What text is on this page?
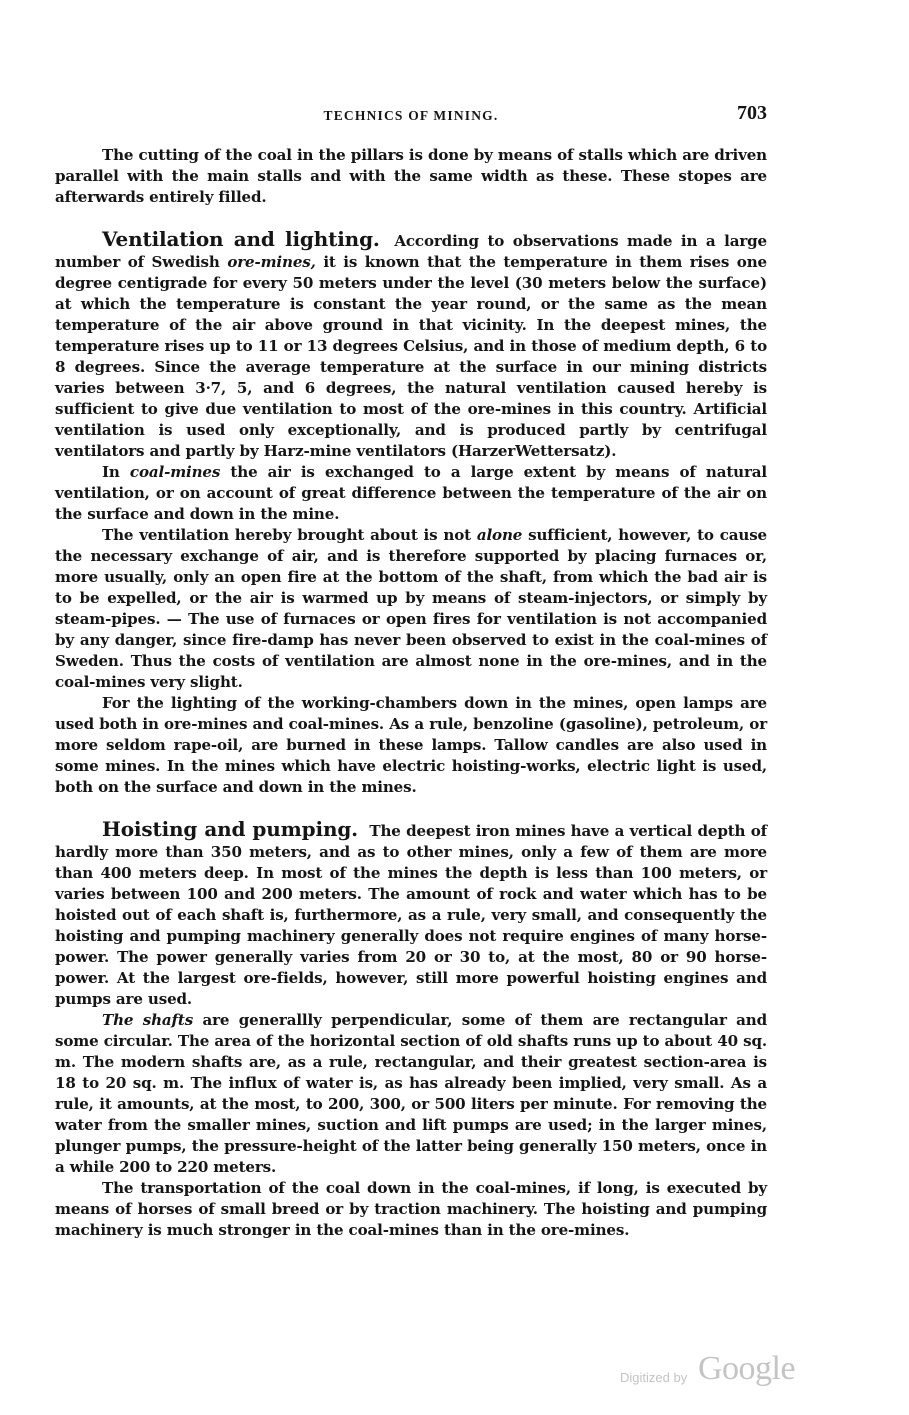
TECHNICS OF MINING.	703

The cutting of the coal in the pillars is done by means of stalls which are driven parallel with the main stalls and with the same width as these. These stopes are afterwards entirely filled.

Ventilation and lighting. According to observations made in a large number of Swedish ore-mines, it is known that the temperature in them rises one degree centigrade for every 50 meters under the level (30 meters below the surface) at which the temperature is constant the year round, or the same as the mean temperature of the air above ground in that vicinity. In the deepest mines, the temperature rises up to 11 or 13 degrees Celsius, and in those of medium depth, 6 to 8 degrees. Since the average temperature at the surface in our mining districts varies between 3·7, 5, and 6 degrees, the natural ventilation caused hereby is sufficient to give due ventilation to most of the ore-mines in this country. Artificial ventilation is used only exceptionally, and is produced partly by centrifugal ventilators and partly by Harz-mine ventilators (HarzerWettersatz).

In coal-mines the air is exchanged to a large extent by means of natural ventilation, or on account of great difference between the temperature of the air on the surface and down in the mine.

The ventilation hereby brought about is not alone sufficient, however, to cause the necessary exchange of air, and is therefore supported by placing furnaces or, more usually, only an open fire at the bottom of the shaft, from which the bad air is to be expelled, or the air is warmed up by means of steam-injectors, or simply by steam-pipes. — The use of furnaces or open fires for ventilation is not accompanied by any danger, since fire-damp has never been observed to exist in the coal-mines of Sweden. Thus the costs of ventilation are almost none in the ore-mines, and in the coal-mines very slight.

For the lighting of the working-chambers down in the mines, open lamps are used both in ore-mines and coal-mines. As a rule, benzoline (gasoline), petroleum, or more seldom rape-oil, are burned in these lamps. Tallow candles are also used in some mines. In the mines which have electric hoisting-works, electric light is used, both on the surface and down in the mines.

Hoisting and pumping. The deepest iron mines have a vertical depth of hardly more than 350 meters, and as to other mines, only a few of them are more than 400 meters deep. In most of the mines the depth is less than 100 meters, or varies between 100 and 200 meters. The amount of rock and water which has to be hoisted out of each shaft is, furthermore, as a rule, very small, and consequently the hoisting and pumping machinery generally does not require engines of many horse-power. The power generally varies from 20 or 30 to, at the most, 80 or 90 horse-power. At the largest ore-fields, however, still more powerful hoisting engines and pumps are used.

The shafts are generallly perpendicular, some of them are rectangular and some circular. The area of the horizontal section of old shafts runs up to about 40 sq. m. The modern shafts are, as a rule, rectangular, and their greatest section-area is 18 to 20 sq. m. The influx of water is, as has already been implied, very small. As a rule, it amounts, at the most, to 200, 300, or 500 liters per minute. For removing the water from the smaller mines, suction and lift pumps are used; in the larger mines, plunger pumps, the pressure-height of the latter being generally 150 meters, once in a while 200 to 220 meters.

The transportation of the coal down in the coal-mines, if long, is executed by means of horses of small breed or by traction machinery. The hoisting and pumping machinery is much stronger in the coal-mines than in the ore-mines.

Digitized by Google
